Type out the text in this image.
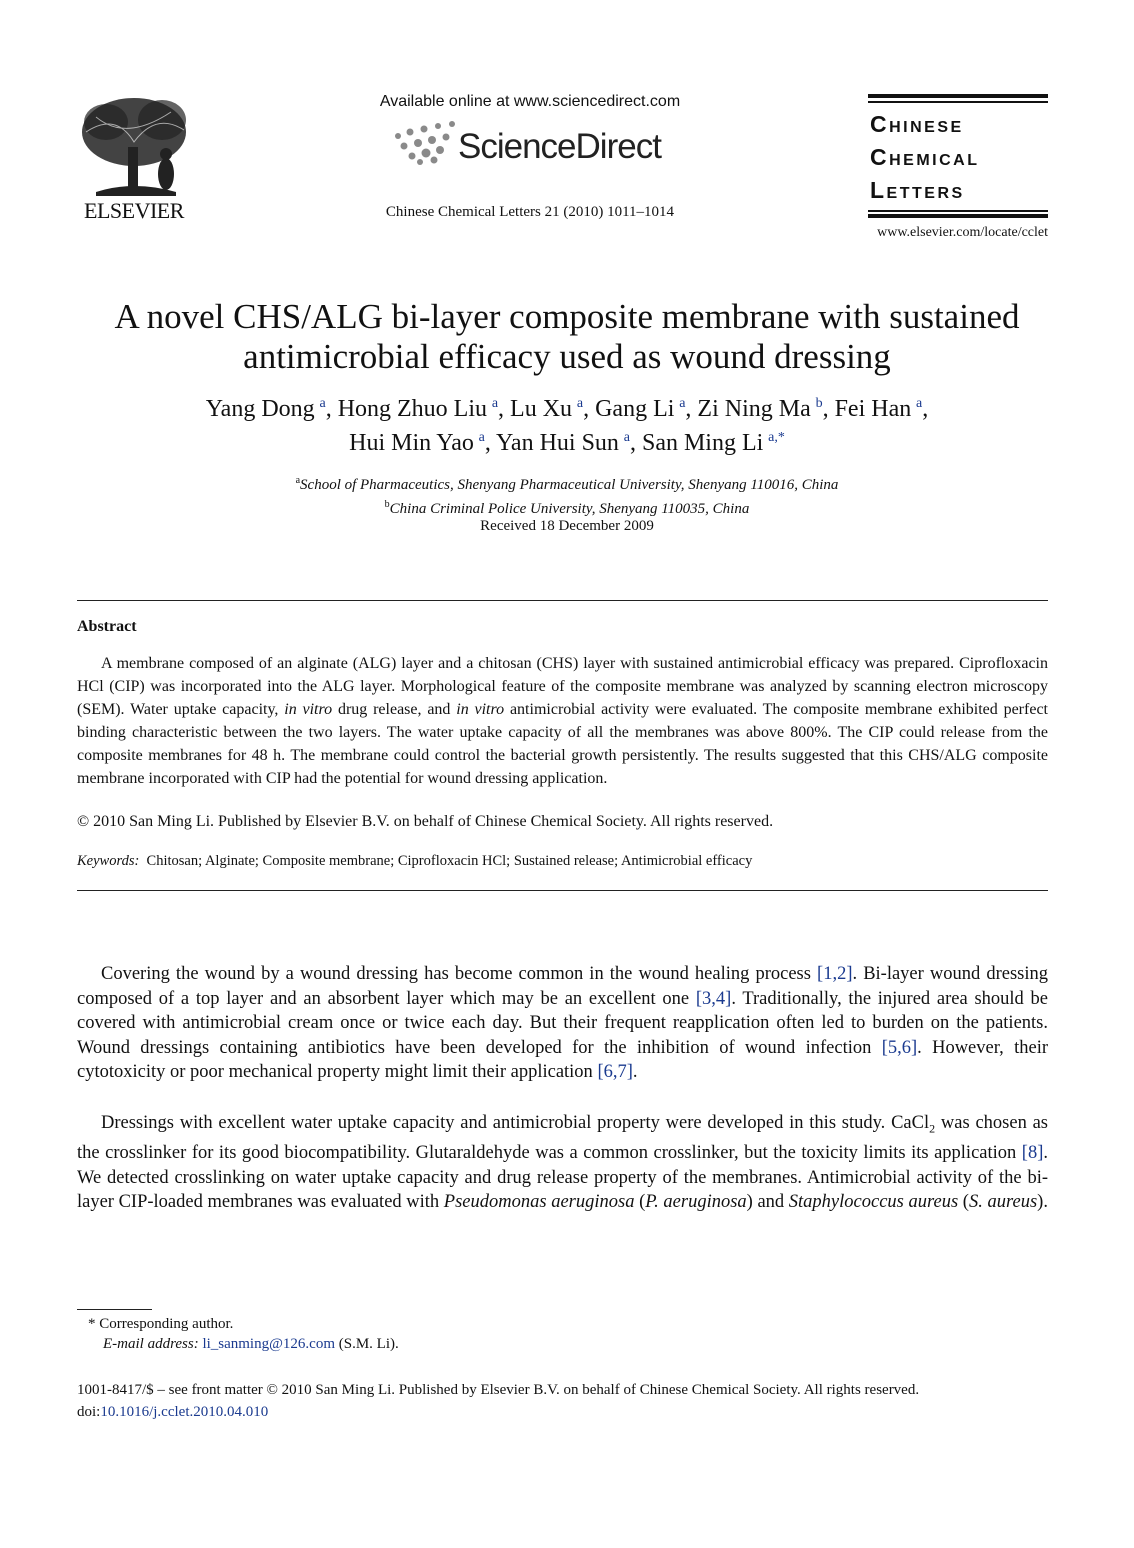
ELSEVIER
Available online at www.sciencedirect.com
ScienceDirect
Chinese Chemical Letters 21 (2010) 1011–1014
Chinese
Chemical
Letters
www.elsevier.com/locate/cclet
A novel CHS/ALG bi-layer composite membrane with sustained
antimicrobial efficacy used as wound dressing
Yang Dong  $^a$, Hong Zhuo Liu  $^a$, Lu Xu  $^a$, Gang Li  $^a$, Zi Ning Ma  $^b$, Fei Han  $^a$,
Hui Min Yao  $^a$, Yan Hui Sun  $^a$, San Ming Li  $^{a,*}$
$^a$School of Pharmaceutics, Shenyang Pharmaceutical University, Shenyang 110016, China
$^b$China Criminal Police University, Shenyang 110035, China
Received 18 December 2009
Abstract
A membrane composed of an alginate (ALG) layer and a chitosan (CHS) layer with sustained antimicrobial efficacy was prepared. Ciprofloxacin HCl (CIP) was incorporated into the ALG layer. Morphological feature of the composite membrane was analyzed by scanning electron microscopy (SEM). Water uptake capacity, in vitro drug release, and in vitro antimicrobial activity were evaluated. The composite membrane exhibited perfect binding characteristic between the two layers. The water uptake capacity of all the membranes was above 800%. The CIP could release from the composite membranes for 48 h. The membrane could control the bacterial growth persistently. The results suggested that this CHS/ALG composite membrane incorporated with CIP had the potential for wound dressing application.
© 2010 San Ming Li. Published by Elsevier B.V. on behalf of Chinese Chemical Society. All rights reserved.
Keywords: Chitosan; Alginate; Composite membrane; Ciprofloxacin HCl; Sustained release; Antimicrobial efficacy
Covering the wound by a wound dressing has become common in the wound healing process [1,2]. Bi-layer wound dressing composed of a top layer and an absorbent layer which may be an excellent one [3,4]. Traditionally, the injured area should be covered with antimicrobial cream once or twice each day. But their frequent reapplication often led to burden on the patients. Wound dressings containing antibiotics have been developed for the inhibition of wound infection [5,6]. However, their cytotoxicity or poor mechanical property might limit their application [6,7].
Dressings with excellent water uptake capacity and antimicrobial property were developed in this study. CaCl$_2$ was chosen as the crosslinker for its good biocompatibility. Glutaraldehyde was a common crosslinker, but the toxicity limits its application [8]. We detected crosslinking on water uptake capacity and drug release property of the membranes. Antimicrobial activity of the bi-layer CIP-loaded membranes was evaluated with Pseudomonas aeruginosa (P. aeruginosa) and Staphylococcus aureus (S. aureus).
* Corresponding author.
E-mail address: li_sanming@126.com (S.M. Li).
1001-8417/$ – see front matter © 2010 San Ming Li. Published by Elsevier B.V. on behalf of Chinese Chemical Society. All rights reserved.
doi:10.1016/j.cclet.2010.04.010
